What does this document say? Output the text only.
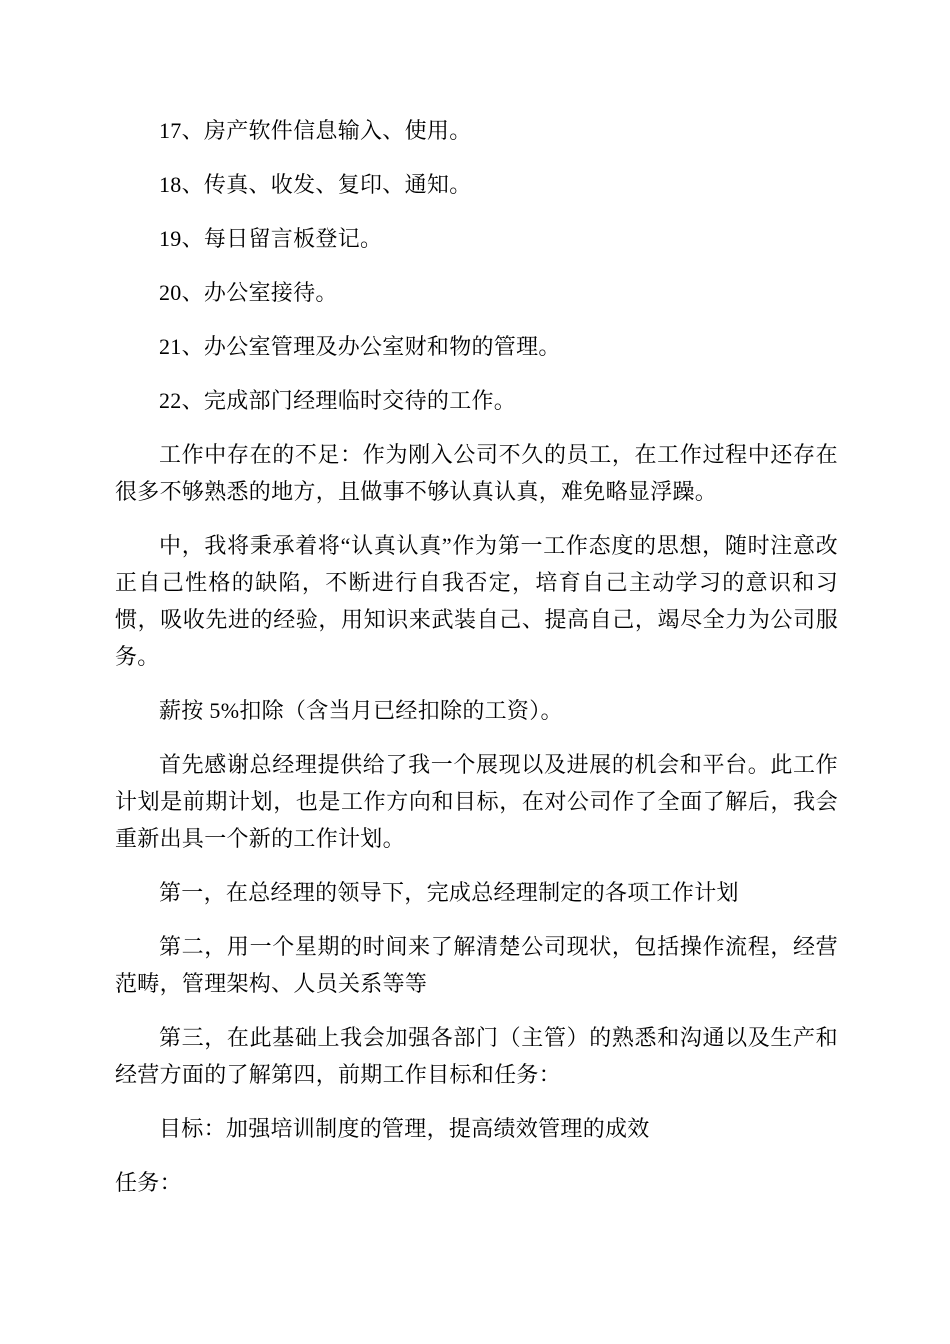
17、房产软件信息输入、使用。

18、传真、收发、复印、通知。

19、每日留言板登记。

20、办公室接待。

21、办公室管理及办公室财和物的管理。

22、完成部门经理临时交待的工作。

工作中存在的不足：作为刚入公司不久的员工，在工作过程中还存在很多不够熟悉的地方，且做事不够认真认真，难免略显浮躁。

中，我将秉承着将“认真认真”作为第一工作态度的思想，随时注意改正自己性格的缺陷，不断进行自我否定，培育自己主动学习的意识和习惯，吸收先进的经验，用知识来武装自己、提高自己，竭尽全力为公司服务。

薪按 5%扣除（含当月已经扣除的工资）。

首先感谢总经理提供给了我一个展现以及进展的机会和平台。此工作计划是前期计划，也是工作方向和目标，在对公司作了全面了解后，我会重新出具一个新的工作计划。

第一，在总经理的领导下，完成总经理制定的各项工作计划

第二，用一个星期的时间来了解清楚公司现状，包括操作流程，经营范畴，管理架构、人员关系等等

第三，在此基础上我会加强各部门（主管）的熟悉和沟通以及生产和经营方面的了解第四，前期工作目标和任务：

目标：加强培训制度的管理，提高绩效管理的成效

任务：
